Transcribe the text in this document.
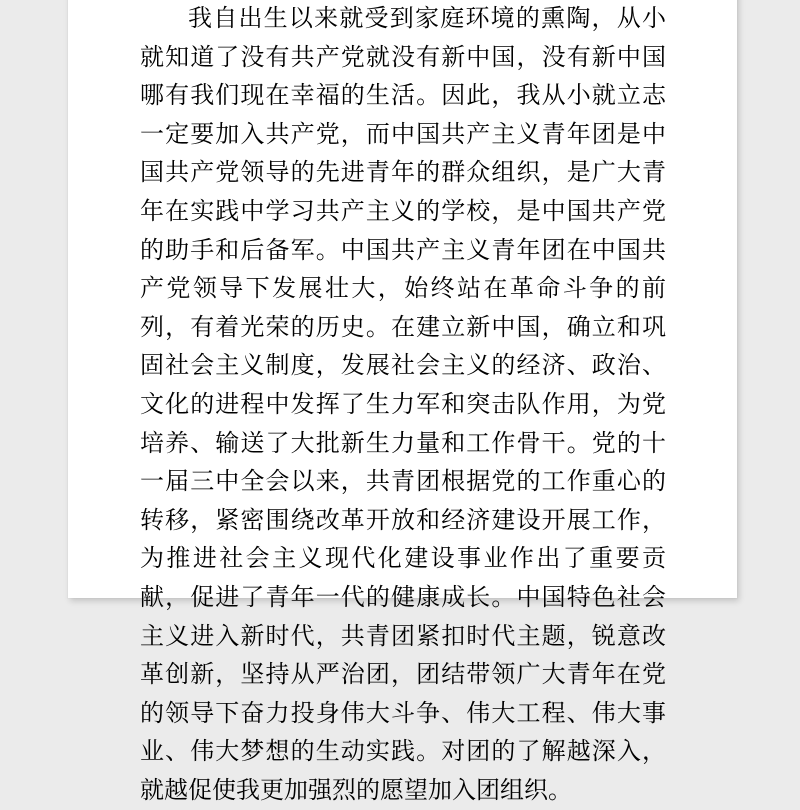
我自出生以来就受到家庭环境的熏陶，从小就知道了没有共产党就没有新中国，没有新中国哪有我们现在幸福的生活。因此，我从小就立志一定要加入共产党，而中国共产主义青年团是中国共产党领导的先进青年的群众组织，是广大青年在实践中学习共产主义的学校，是中国共产党的助手和后备军。中国共产主义青年团在中国共产党领导下发展壮大，始终站在革命斗争的前列，有着光荣的历史。在建立新中国，确立和巩固社会主义制度，发展社会主义的经济、政治、文化的进程中发挥了生力军和突击队作用，为党培养、输送了大批新生力量和工作骨干。党的十一届三中全会以来，共青团根据党的工作重心的转移，紧密围绕改革开放和经济建设开展工作，为推进社会主义现代化建设事业作出了重要贡献，促进了青年一代的健康成长。中国特色社会主义进入新时代，共青团紧扣时代主题，锐意改革创新，坚持从严治团，团结带领广大青年在党的领导下奋力投身伟大斗争、伟大工程、伟大事业、伟大梦想的生动实践。对团的了解越深入，就越促使我更加强烈的愿望加入团组织。
